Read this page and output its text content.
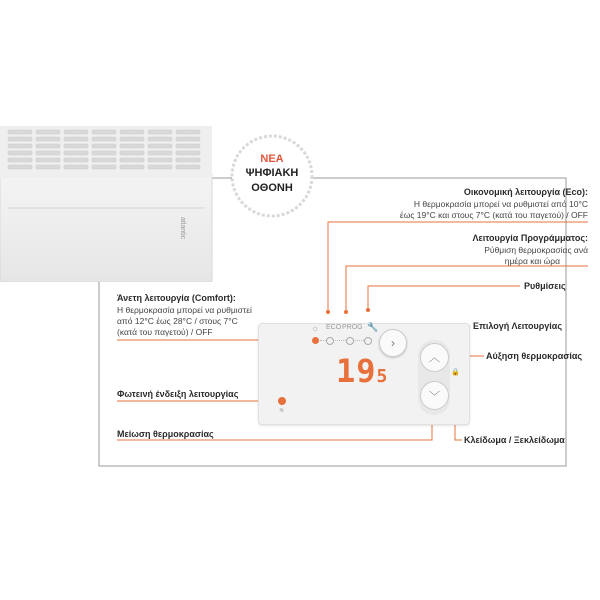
atlantic
ΝΕΑ
ΨΗΦΙΑΚΗ
ΟΘΟΝΗ
☼ ECO PROG 🔧
›
195
︿
﹀
🔒
≋
Οικονομική λειτουργία (Eco):
Η θερμοκρασία μπορεί να ρυθμιστεί από 10°C
έως 19°C και στους 7°C (κατά του παγετού) / OFF
Λειτουργία Προγράμματος:
Ρύθμιση θερμοκρασίας ανά
ημέρα και ώρα
Ρυθμίσεις
Επιλογή Λειτουργίας
Αύξηση θερμοκρασίας
Κλείδωμα / Ξεκλείδωμα
Άνετη λειτουργία (Comfort):
Η θερμοκρασία μπορεί να ρυθμιστεί
από 12°C έως 28°C / στους 7°C
(κατά του παγετού) / OFF
Φωτεινή ένδειξη λειτουργίας
Μείωση θερμοκρασίας
